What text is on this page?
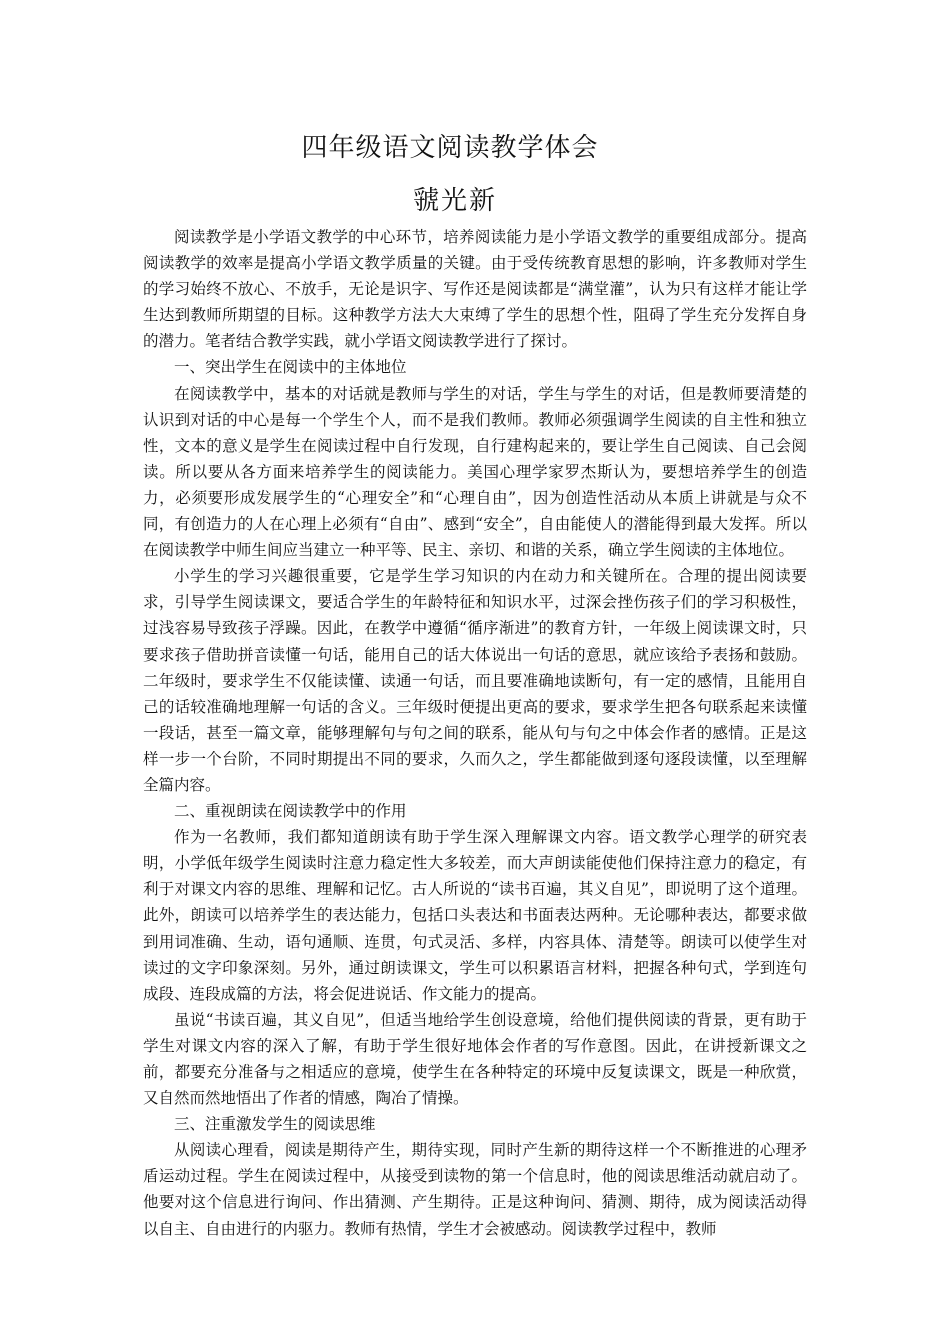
四年级语文阅读教学体会
虢光新

阅读教学是小学语文教学的中心环节，培养阅读能力是小学语文教学的重要组成部分。提高阅读教学的效率是提高小学语文教学质量的关键。由于受传统教育思想的影响，许多教师对学生的学习始终不放心、不放手，无论是识字、写作还是阅读都是“满堂灌”，认为只有这样才能让学生达到教师所期望的目标。这种教学方法大大束缚了学生的思想个性，阻碍了学生充分发挥自身的潜力。笔者结合教学实践，就小学语文阅读教学进行了探讨。

一、突出学生在阅读中的主体地位

在阅读教学中，基本的对话就是教师与学生的对话，学生与学生的对话，但是教师要清楚的认识到对话的中心是每一个学生个人，而不是我们教师。教师必须强调学生阅读的自主性和独立性，文本的意义是学生在阅读过程中自行发现，自行建构起来的，要让学生自己阅读、自己会阅读。所以要从各方面来培养学生的阅读能力。美国心理学家罗杰斯认为，要想培养学生的创造力，必须要形成发展学生的“心理安全”和“心理自由”，因为创造性活动从本质上讲就是与众不同，有创造力的人在心理上必须有“自由”、感到“安全”，自由能使人的潜能得到最大发挥。所以在阅读教学中师生间应当建立一种平等、民主、亲切、和谐的关系，确立学生阅读的主体地位。

小学生的学习兴趣很重要，它是学生学习知识的内在动力和关键所在。合理的提出阅读要求，引导学生阅读课文，要适合学生的年龄特征和知识水平，过深会挫伤孩子们的学习积极性，过浅容易导致孩子浮躁。因此，在教学中遵循“循序渐进”的教育方针，一年级上阅读课文时，只要求孩子借助拼音读懂一句话，能用自己的话大体说出一句话的意思，就应该给予表扬和鼓励。二年级时，要求学生不仅能读懂、读通一句话，而且要准确地读断句，有一定的感情，且能用自己的话较准确地理解一句话的含义。三年级时便提出更高的要求，要求学生把各句联系起来读懂一段话，甚至一篇文章，能够理解句与句之间的联系，能从句与句之中体会作者的感情。正是这样一步一个台阶，不同时期提出不同的要求，久而久之，学生都能做到逐句逐段读懂，以至理解全篇内容。

二、重视朗读在阅读教学中的作用

作为一名教师，我们都知道朗读有助于学生深入理解课文内容。语文教学心理学的研究表明，小学低年级学生阅读时注意力稳定性大多较差，而大声朗读能使他们保持注意力的稳定，有利于对课文内容的思维、理解和记忆。古人所说的“读书百遍，其义自见”，即说明了这个道理。此外，朗读可以培养学生的表达能力，包括口头表达和书面表达两种。无论哪种表达，都要求做到用词准确、生动，语句通顺、连贯，句式灵活、多样，内容具体、清楚等。朗读可以使学生对读过的文字印象深刻。另外，通过朗读课文，学生可以积累语言材料，把握各种句式，学到连句成段、连段成篇的方法，将会促进说话、作文能力的提高。

虽说“书读百遍，其义自见”，但适当地给学生创设意境，给他们提供阅读的背景，更有助于学生对课文内容的深入了解，有助于学生很好地体会作者的写作意图。因此，在讲授新课文之前，都要充分准备与之相适应的意境，使学生在各种特定的环境中反复读课文，既是一种欣赏，又自然而然地悟出了作者的情感，陶冶了情操。

三、注重激发学生的阅读思维

从阅读心理看，阅读是期待产生，期待实现，同时产生新的期待这样一个不断推进的心理矛盾运动过程。学生在阅读过程中，从接受到读物的第一个信息时，他的阅读思维活动就启动了。他要对这个信息进行询问、作出猜测、产生期待。正是这种询问、猜测、期待，成为阅读活动得以自主、自由进行的内驱力。教师有热情，学生才会被感动。阅读教学过程中，教师
